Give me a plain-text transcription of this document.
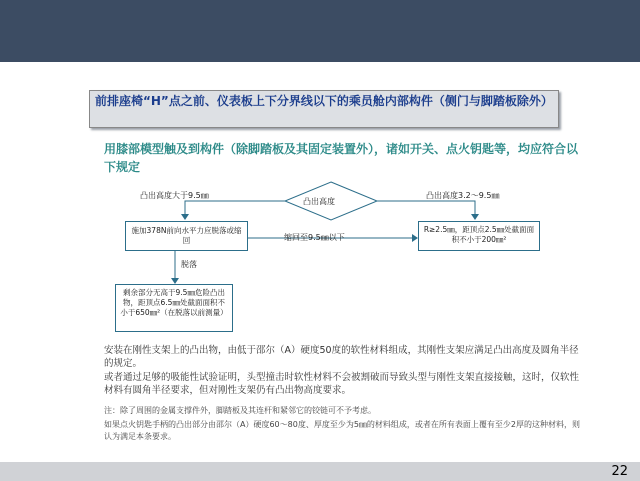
前排座椅“H”点之前、仪表板上下分界线以下的乘员舱内部构件（侧门与脚踏板除外）
用膝部模型触及到构件（除脚踏板及其固定装置外），诸如开关、点火钥匙等，均应符合以下规定
凸出高度
凸出高度大于9.5㎜	凸出高度3.2～9.5㎜
施加378N前向水平力应脱落或缩回
R≥2.5㎜，距顶点2.5㎜处截面面积不小于200㎜²
缩回至9.5㎜以下
脱落
剩余部分无高于9.5㎜危险凸出物，距顶点6.5㎜处截面面积不小于650㎜²（在脱落以前测量）
安装在刚性支架上的凸出物，由低于邵尔（A）硬度50度的软性材料组成，其刚性支架应满足凸出高度及圆角半径的规定。
或者通过足够的吸能性试验证明，头型撞击时软性材料不会被割破而导致头型与刚性支架直接接触，这时，仅软性材料有圆角半径要求，但对刚性支架仍有凸出物高度要求。
注：除了周围的金属支撑件外，脚踏板及其连杆和紧邻它的铰链可不予考虑。
如果点火钥匙手柄的凸出部分由邵尔（A）硬度60～80度、厚度至少为5㎜的材料组成，或者在所有表面上覆有至少2厚的这种材料，则认为满足本条要求。
22
